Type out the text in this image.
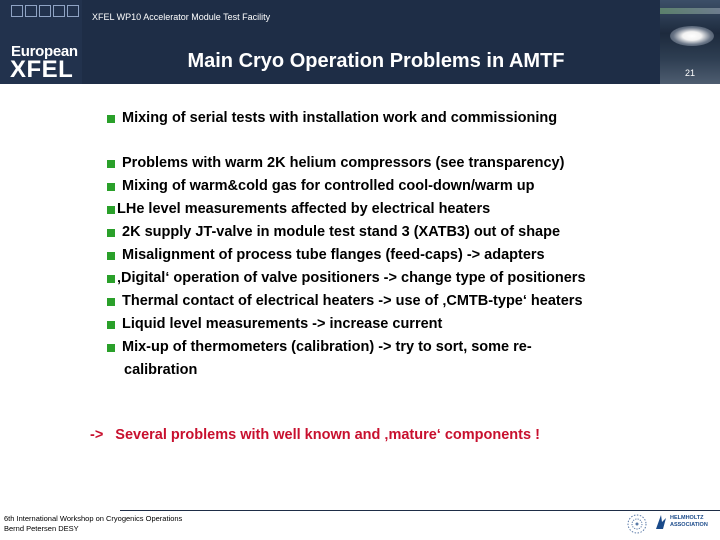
European
XFEL
XFEL WP10 Accelerator Module Test Facility
Main Cryo Operation Problems in AMTF
21
Mixing of serial tests with installation work and commissioning
Problems with warm 2K helium compressors (see transparency)
Mixing of warm&cold gas for controlled cool-down/warm up
LHe level measurements affected by electrical heaters
2K supply JT-valve in module test stand 3 (XATB3) out of shape
Misalignment of process tube flanges (feed-caps) -> adapters
‚Digital‘ operation of valve positioners -> change type of positioners
Thermal contact of electrical heaters -> use of ‚CMTB-type‘ heaters
Liquid level measurements -> increase current
Mix-up of thermometers (calibration) -> try to sort, some re-
calibration
-> Several problems with well known and ‚mature‘ components !
6th International Workshop on Cryogenics Operations
Bernd Petersen DESY
HELMHOLTZ
ASSOCIATION
